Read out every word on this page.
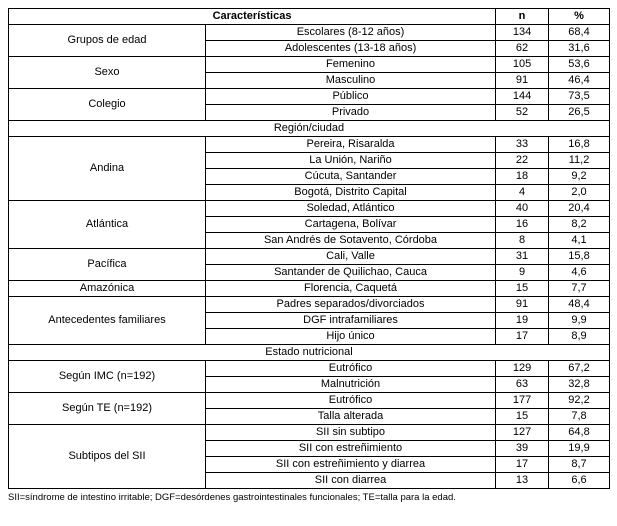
Características		n	%
Grupos de edad	Escolares (8-12 años)	134	68,4
	Adolescentes (13-18 años)	62	31,6
Sexo	Femenino	105	53,6
	Masculino	91	46,4
Colegio	Público	144	73,5
	Privado	52	26,5
Región/ciudad			
Andina	Pereira, Risaralda	33	16,8
	La Unión, Nariño	22	11,2
	Cúcuta, Santander	18	9,2
	Bogotá, Distrito Capital	4	2,0
Atlántica	Soledad, Atlántico	40	20,4
	Cartagena, Bolívar	16	8,2
	San Andrés de Sotavento, Córdoba	8	4,1
Pacífica	Cali, Valle	31	15,8
	Santander de Quilichao, Cauca	9	4,6
Amazónica	Florencia, Caquetá	15	7,7
Antecedentes familiares	Padres separados/divorciados	91	48,4
	DGF intrafamiliares	19	9,9
	Hijo único	17	8,9
Estado nutricional			
Según IMC (n=192)	Eutrófico	129	67,2
	Malnutrición	63	32,8
Según TE (n=192)	Eutrófico	177	92,2
	Talla alterada	15	7,8
Subtipos del SII	SII sin subtipo	127	64,8
	SII con estreñimiento	39	19,9
	SII con estreñimiento y diarrea	17	8,7
	SII con diarrea	13	6,6
SII=síndrome de intestino irritable; DGF=desórdenes gastrointestinales funcionales; TE=talla para la edad.
